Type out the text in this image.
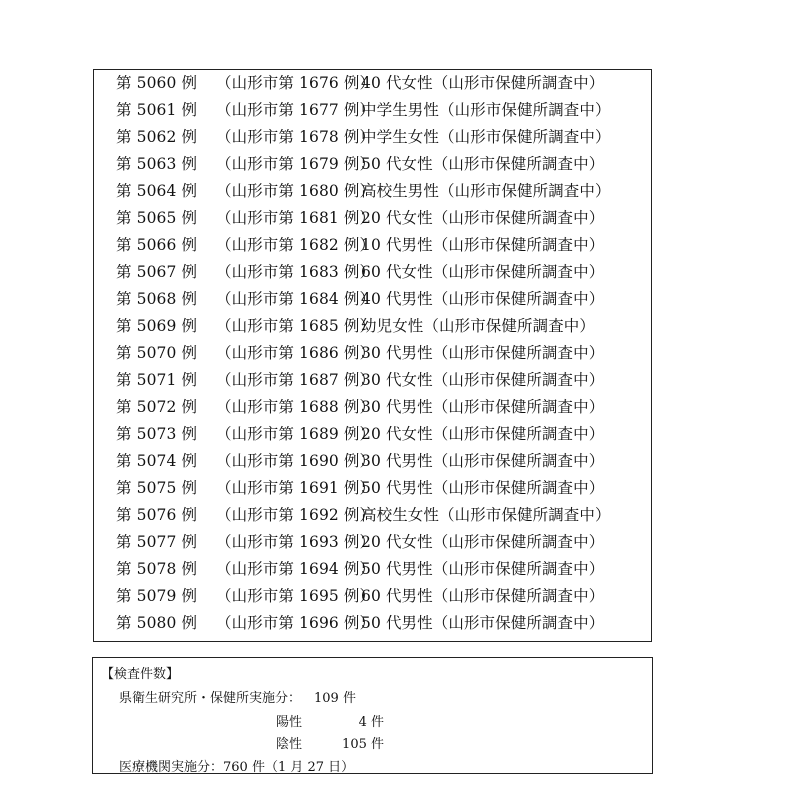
第 5060 例 （山形市第 1676 例）40 代女性（山形市保健所調査中）
第 5061 例 （山形市第 1677 例）中学生男性（山形市保健所調査中）
第 5062 例 （山形市第 1678 例）中学生女性（山形市保健所調査中）
第 5063 例 （山形市第 1679 例）50 代女性（山形市保健所調査中）
第 5064 例 （山形市第 1680 例）高校生男性（山形市保健所調査中）
第 5065 例 （山形市第 1681 例）20 代女性（山形市保健所調査中）
第 5066 例 （山形市第 1682 例）10 代男性（山形市保健所調査中）
第 5067 例 （山形市第 1683 例）60 代女性（山形市保健所調査中）
第 5068 例 （山形市第 1684 例）40 代男性（山形市保健所調査中）
第 5069 例 （山形市第 1685 例）幼児女性（山形市保健所調査中）
第 5070 例 （山形市第 1686 例）30 代男性（山形市保健所調査中）
第 5071 例 （山形市第 1687 例）30 代女性（山形市保健所調査中）
第 5072 例 （山形市第 1688 例）30 代男性（山形市保健所調査中）
第 5073 例 （山形市第 1689 例）20 代女性（山形市保健所調査中）
第 5074 例 （山形市第 1690 例）30 代男性（山形市保健所調査中）
第 5075 例 （山形市第 1691 例）50 代男性（山形市保健所調査中）
第 5076 例 （山形市第 1692 例）高校生女性（山形市保健所調査中）
第 5077 例 （山形市第 1693 例）20 代女性（山形市保健所調査中）
第 5078 例 （山形市第 1694 例）50 代男性（山形市保健所調査中）
第 5079 例 （山形市第 1695 例）60 代男性（山形市保健所調査中）
第 5080 例 （山形市第 1696 例）50 代男性（山形市保健所調査中）
【検査件数】
県衛生研究所・保健所実施分： 109 件
陽性	4 件
陰性	105 件
医療機関実施分：760 件（1 月 27 日）
